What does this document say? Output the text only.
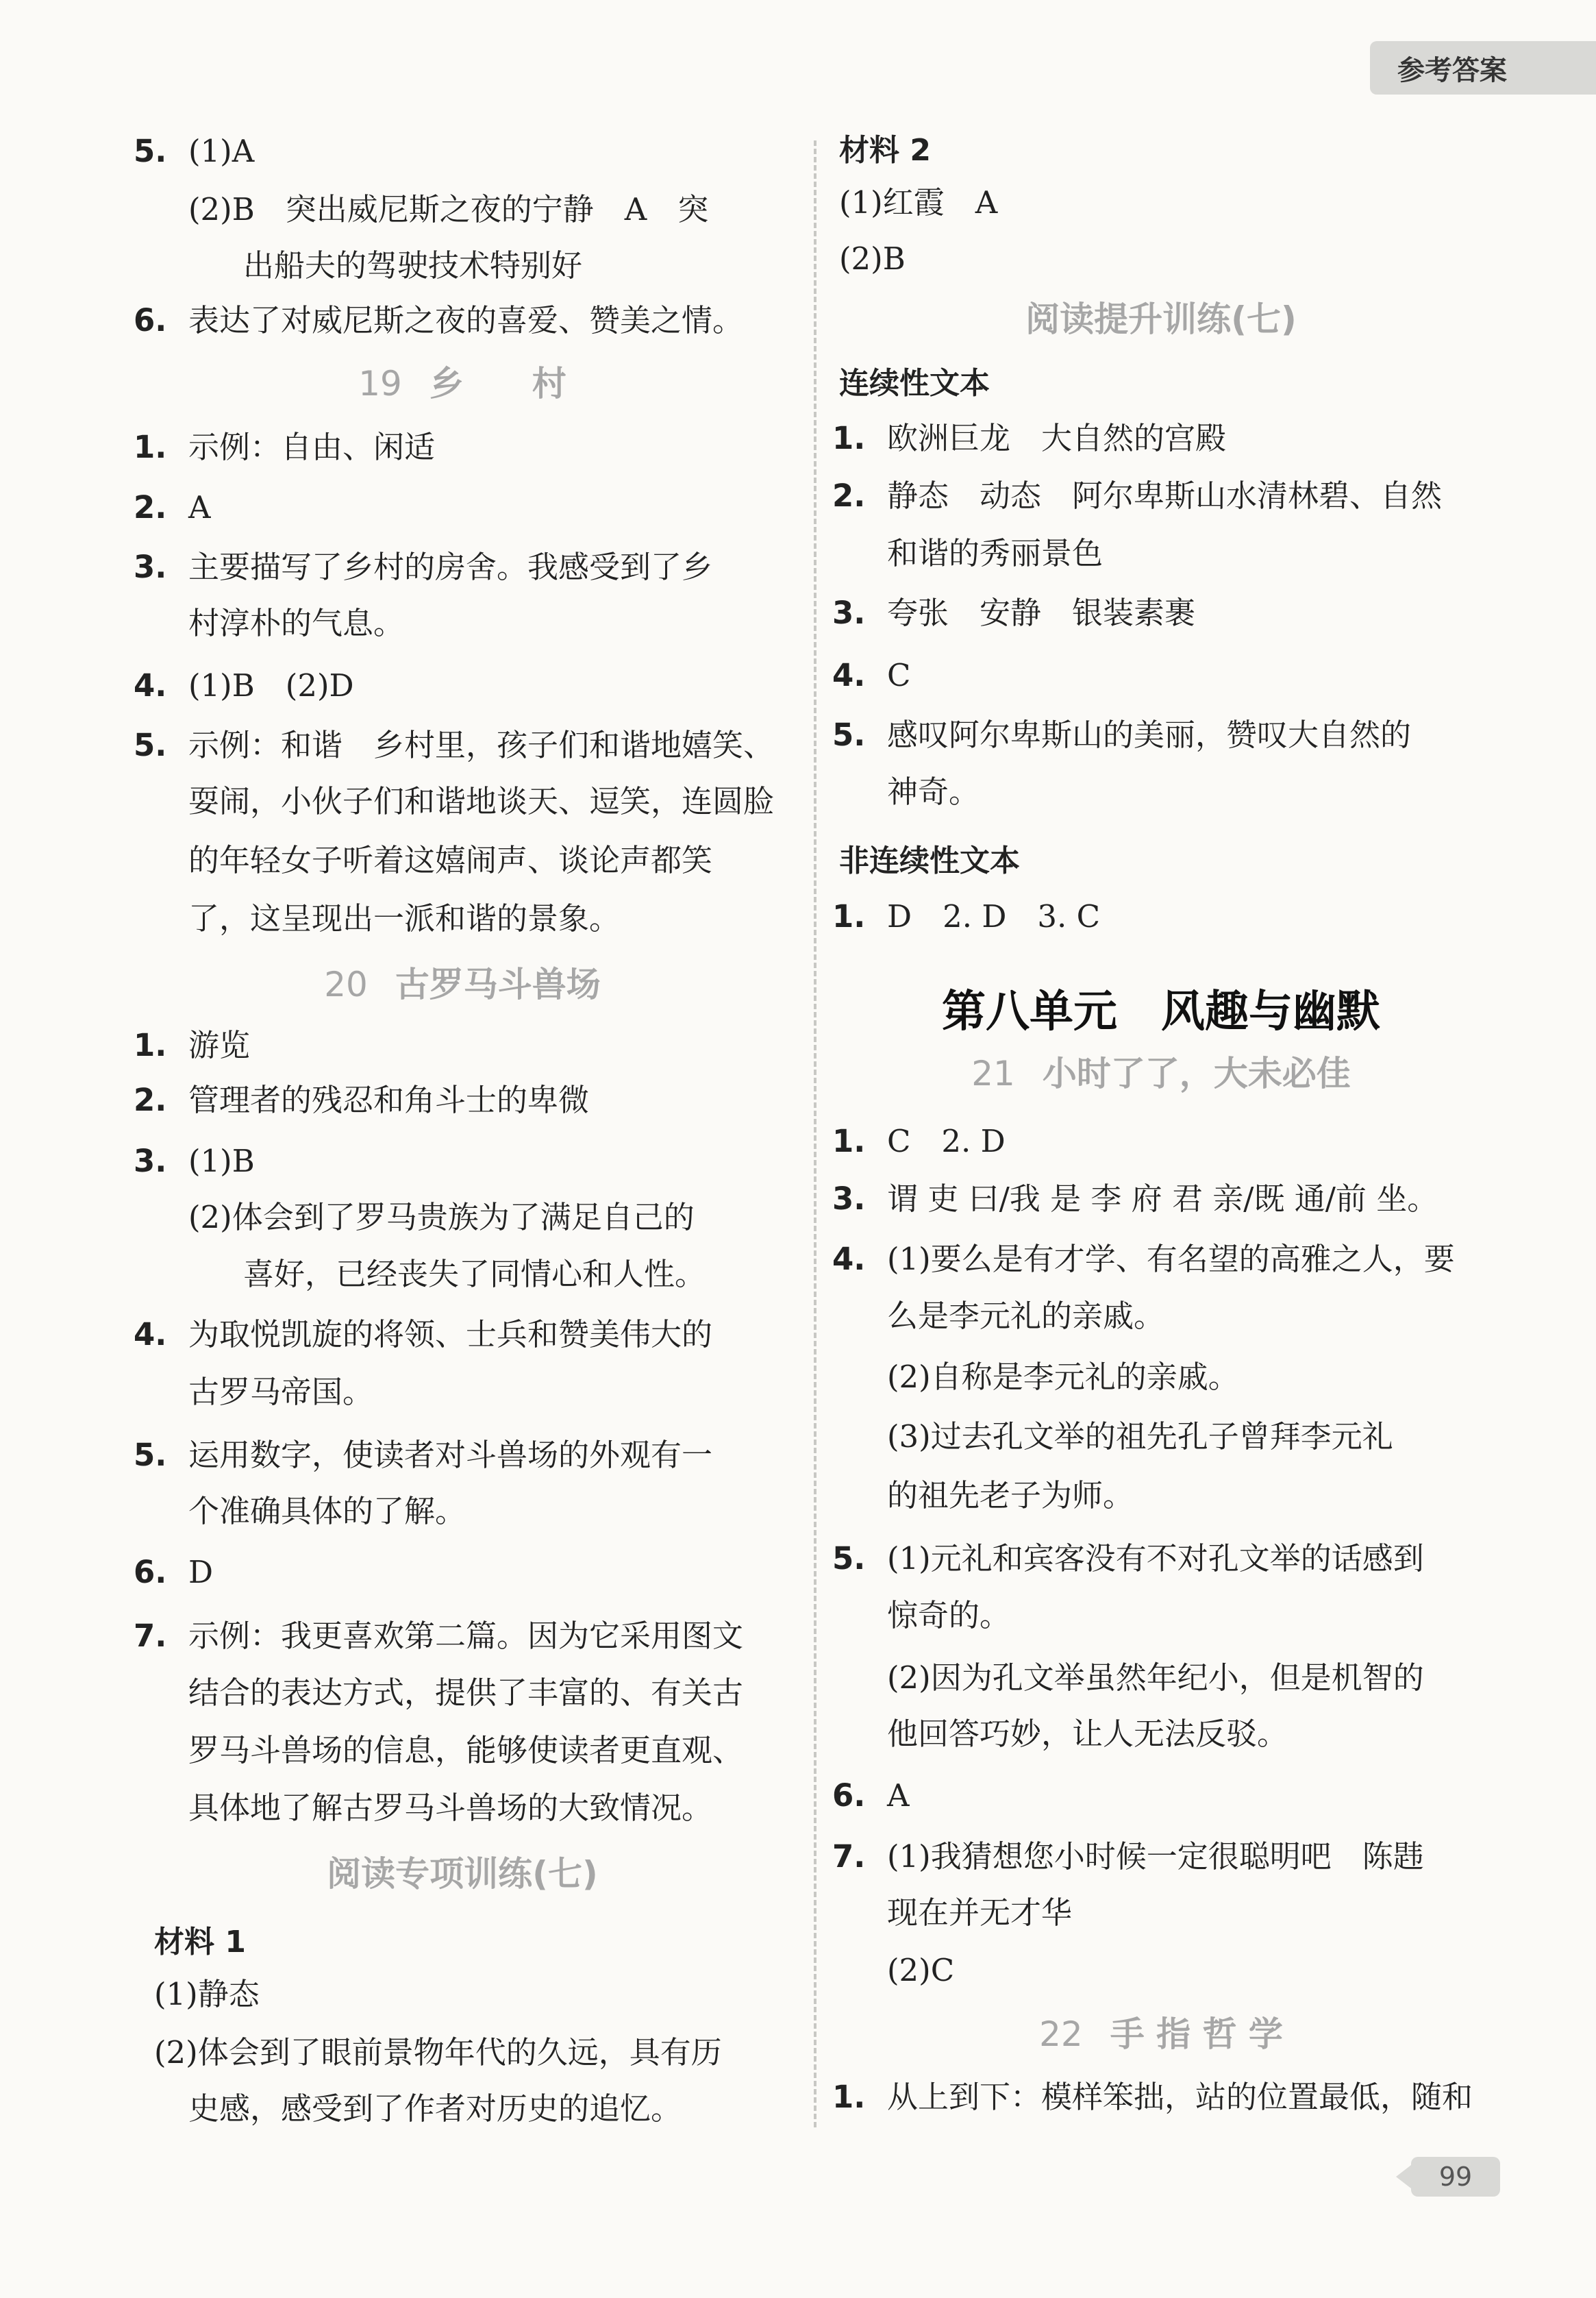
参考答案
5. (1)A
(2)B　突出威尼斯之夜的宁静　A　突
出船夫的驾驶技术特别好
6. 表达了对威尼斯之夜的喜爱、赞美之情。
19 乡　　村
1. 示例：自由、闲适
2. A
3. 主要描写了乡村的房舍。我感受到了乡
村淳朴的气息。
4. (1)B　(2)D
5. 示例：和谐　乡村里，孩子们和谐地嬉笑、
耍闹，小伙子们和谐地谈天、逗笑，连圆脸
的年轻女子听着这嬉闹声、谈论声都笑
了，这呈现出一派和谐的景象。
20 古罗马斗兽场
1. 游览
2. 管理者的残忍和角斗士的卑微
3. (1)B
(2)体会到了罗马贵族为了满足自己的
喜好，已经丧失了同情心和人性。
4. 为取悦凯旋的将领、士兵和赞美伟大的
古罗马帝国。
5. 运用数字，使读者对斗兽场的外观有一
个准确具体的了解。
6. D
7. 示例：我更喜欢第二篇。因为它采用图文
结合的表达方式，提供了丰富的、有关古
罗马斗兽场的信息，能够使读者更直观、
具体地了解古罗马斗兽场的大致情况。
阅读专项训练(七)
材料 1
(1)静态
(2)体会到了眼前景物年代的久远，具有历
史感，感受到了作者对历史的追忆。
材料 2
(1)红霞　A
(2)B
阅读提升训练(七)
连续性文本
1. 欧洲巨龙　大自然的宫殿
2. 静态　动态　阿尔卑斯山水清林碧、自然
和谐的秀丽景色
3. 夸张　安静　银装素裹
4. C
5. 感叹阿尔卑斯山的美丽，赞叹大自然的
神奇。
非连续性文本
1. D　2. D　3. C
第八单元　风趣与幽默
21 小时了了，大未必佳
1. C　2. D
3. 谓 吏 曰/我 是 李 府 君 亲/既 通/前 坐。
4. (1)要么是有才学、有名望的高雅之人，要
么是李元礼的亲戚。
(2)自称是李元礼的亲戚。
(3)过去孔文举的祖先孔子曾拜李元礼
的祖先老子为师。
5. (1)元礼和宾客没有不对孔文举的话感到
惊奇的。
(2)因为孔文举虽然年纪小，但是机智的
他回答巧妙，让人无法反驳。
6. A
7. (1)我猜想您小时候一定很聪明吧　陈韪
现在并无才华
(2)C
22 手 指 哲 学
1. 从上到下：模样笨拙，站的位置最低，随和
99
